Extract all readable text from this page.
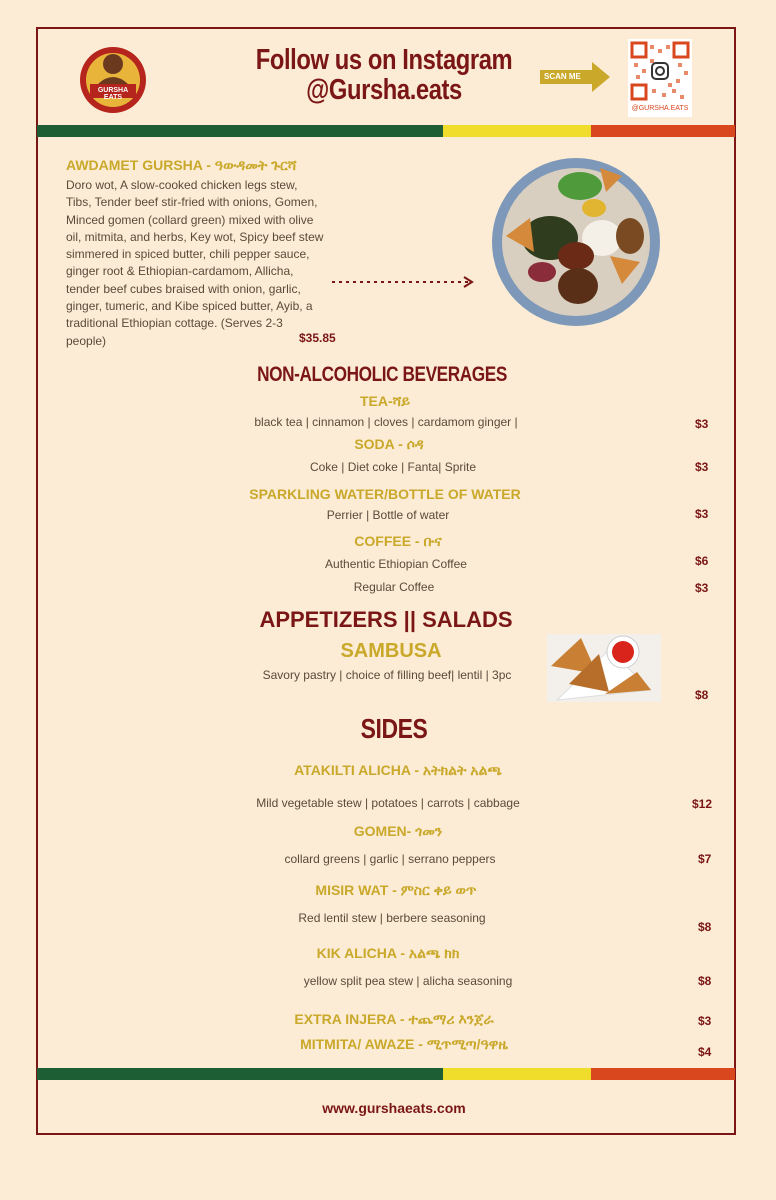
GURSHA EATS
Follow us on Instagram
@Gursha.eats	SCAN ME
@GURSHA.EATS
AWDAMET GURSHA - ዓውዳመት ጉርሻ
Doro wot, A slow-cooked chicken legs stew,
Tibs, Tender beef stir-fried with onions, Gomen,
Minced gomen (collard green) mixed with olive
oil, mitmita, and herbs, Key wot, Spicy beef stew
simmered in spiced butter, chili pepper sauce,
ginger root & Ethiopian-cardamom, Allicha,
tender beef cubes braised with onion, garlic,
ginger, tumeric, and Kibe spiced butter, Ayib, a
traditional Ethiopian cottage. (Serves 2-3
people)	$35.85
NON-ALCOHOLIC BEVERAGES
TEA-ሻይ
black tea | cinnamon | cloves | cardamom ginger |	$3
SODA - ሶዳ
Coke | Diet coke | Fanta| Sprite	$3
SPARKLING WATER/BOTTLE OF WATER
Perrier | Bottle of water	$3
COFFEE - ቡና
Authentic Ethiopian Coffee	$6
Regular Coffee	$3
APPETIZERS || SALADS
SAMBUSA
Savory pastry | choice of filling beef| lentil | 3pc
$8
SIDES
ATAKILTI ALICHA - አትክልት አልጫ
Mild vegetable stew | potatoes | carrots | cabbage	$12
GOMEN- ጎመን
collard greens | garlic | serrano peppers	$7
MISIR WAT - ምስር ቀይ ወጥ
Red lentil stew | berbere seasoning
$8
KIK ALICHA - አልጫ ክክ
yellow split pea stew | alicha seasoning	$8
EXTRA INJERA - ተጨማሪ እንጀራ	$3
MITMITA/ AWAZE - ሚጥሚጣ/ዓዋዜ	$4
www.gurshaeats.com
